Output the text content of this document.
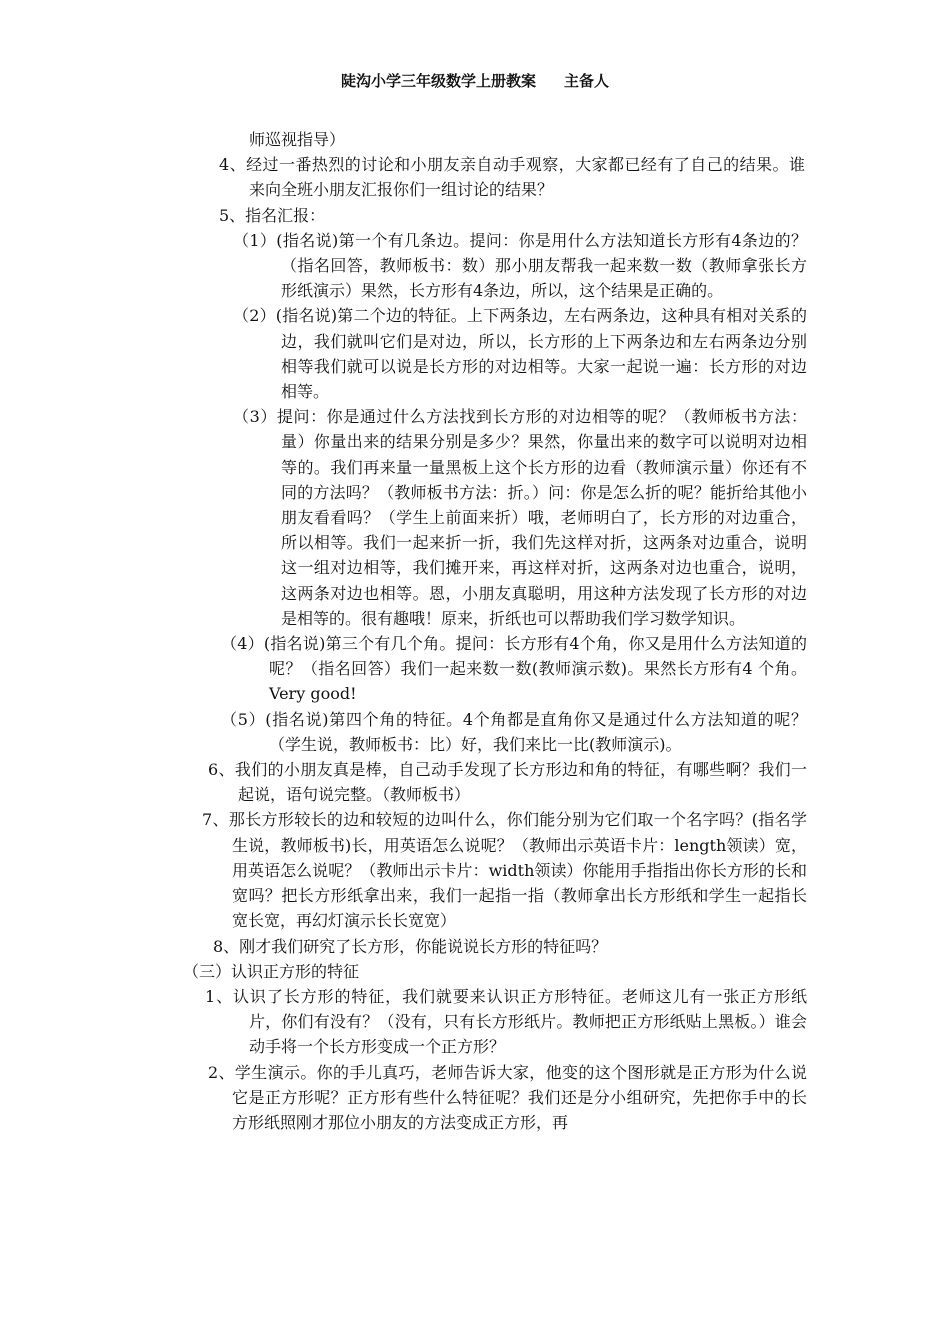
陡沟小学三年级数学上册教案 主备人

师巡视指导）

4、经过一番热烈的讨论和小朋友亲自动手观察，大家都已经有了自己的结果。谁来向全班小朋友汇报你们一组讨论的结果？

5、指名汇报：

（1）(指名说)第一个有几条边。提问：你是用什么方法知道长方形有4条边的？（指名回答，教师板书：数）那小朋友帮我一起来数一数（教师拿张长方形纸演示）果然，长方形有4条边，所以，这个结果是正确的。

（2）(指名说)第二个边的特征。上下两条边，左右两条边，这种具有相对关系的边，我们就叫它们是对边，所以，长方形的上下两条边和左右两条边分别相等我们就可以说是长方形的对边相等。大家一起说一遍：长方形的对边相等。

（3）提问：你是通过什么方法找到长方形的对边相等的呢？（教师板书方法：量）你量出来的结果分别是多少？果然，你量出来的数字可以说明对边相等的。我们再来量一量黑板上这个长方形的边看（教师演示量）你还有不同的方法吗？（教师板书方法：折。）问：你是怎么折的呢？能折给其他小朋友看看吗？（学生上前面来折）哦，老师明白了，长方形的对边重合，所以相等。我们一起来折一折，我们先这样对折，这两条对边重合，说明这一组对边相等，我们摊开来，再这样对折，这两条对边也重合，说明，这两条对边也相等。恩，小朋友真聪明，用这种方法发现了长方形的对边是相等的。很有趣哦！原来，折纸也可以帮助我们学习数学知识。

（4）(指名说)第三个有几个角。提问：长方形有4个角，你又是用什么方法知道的呢？（指名回答）我们一起来数一数(教师演示数)。果然长方形有4 个角。Very good!

（5）(指名说)第四个角的特征。4个角都是直角你又是通过什么方法知道的呢？（学生说，教师板书：比）好，我们来比一比(教师演示)。

6、我们的小朋友真是棒，自己动手发现了长方形边和角的特征，有哪些啊？我们一起说，语句说完整。（教师板书）

7、那长方形较长的边和较短的边叫什么，你们能分别为它们取一个名字吗？(指名学生说，教师板书)长，用英语怎么说呢？（教师出示英语卡片：length领读）宽，用英语怎么说呢？（教师出示卡片：width领读）你能用手指指出你长方形的长和宽吗？把长方形纸拿出来，我们一起指一指（教师拿出长方形纸和学生一起指长宽长宽，再幻灯演示长长宽宽）

8、刚才我们研究了长方形，你能说说长方形的特征吗？

（三）认识正方形的特征

1、认识了长方形的特征，我们就要来认识正方形特征。老师这儿有一张正方形纸片，你们有没有？（没有，只有长方形纸片。教师把正方形纸贴上黑板。）谁会动手将一个长方形变成一个正方形？

2、学生演示。你的手儿真巧，老师告诉大家，他变的这个图形就是正方形为什么说它是正方形呢？正方形有些什么特征呢？我们还是分小组研究，先把你手中的长方形纸照刚才那位小朋友的方法变成正方形，再
